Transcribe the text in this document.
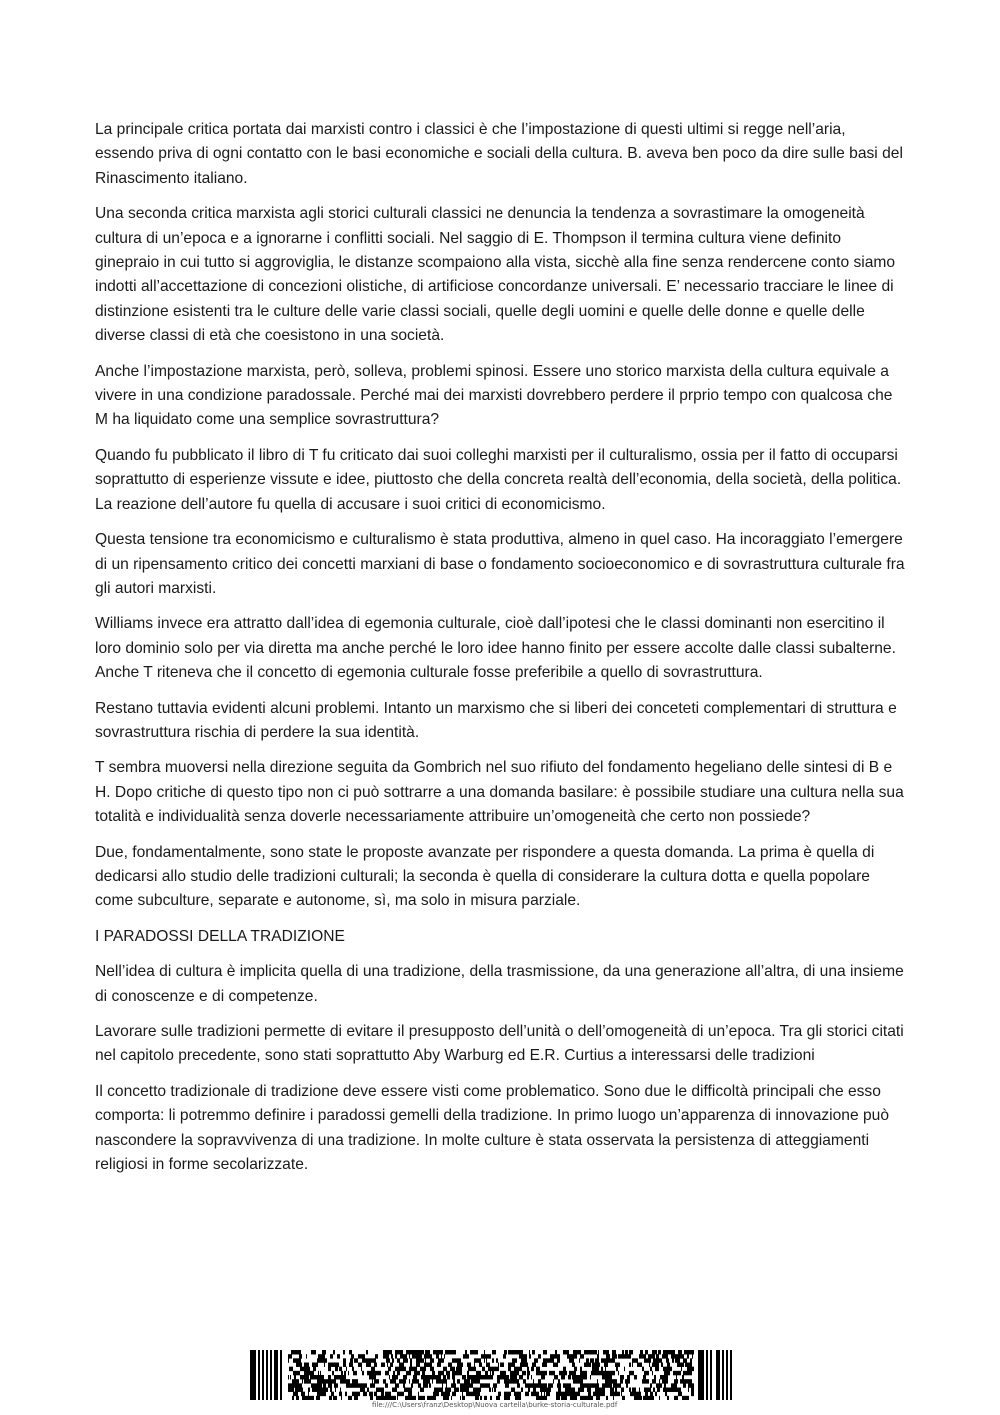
La principale critica portata dai marxisti contro i classici è che l’impostazione di questi ultimi si regge nell’aria, essendo priva di ogni contatto con le basi economiche e sociali della cultura. B. aveva ben poco da dire sulle basi del Rinascimento italiano.

Una seconda critica marxista agli storici culturali classici ne denuncia la tendenza a sovrastimare la omogeneità cultura di un’epoca e a ignorarne i conflitti sociali. Nel saggio di E. Thompson il termina cultura viene definito ginepraio in cui tutto si aggroviglia, le distanze scompaiono alla vista, sicchè alla fine senza rendercene conto siamo indotti all’accettazione di concezioni olistiche, di artificiose concordanze universali. E’ necessario tracciare le linee di distinzione esistenti tra le culture delle varie classi sociali, quelle degli uomini e quelle delle donne e quelle delle diverse classi di età che coesistono in una società.

Anche l’impostazione marxista, però, solleva, problemi spinosi. Essere uno storico marxista della cultura equivale a vivere in una condizione paradossale. Perché mai dei marxisti dovrebbero perdere il prprio tempo con qualcosa che M ha liquidato come una semplice sovrastruttura?

Quando fu pubblicato il libro di T fu criticato dai suoi colleghi marxisti per il culturalismo, ossia per il fatto di occuparsi soprattutto di esperienze vissute e idee, piuttosto che della concreta realtà dell’economia, della società, della politica. La reazione dell’autore fu quella di accusare i suoi critici di economicismo.

Questa tensione tra economicismo e culturalismo è stata produttiva, almeno in quel caso. Ha incoraggiato l’emergere di un ripensamento critico dei concetti marxiani di base o fondamento socioeconomico e di sovrastruttura culturale fra gli autori marxisti.

Williams invece era attratto dall’idea di egemonia culturale, cioè dall’ipotesi che le classi dominanti non esercitino il loro dominio solo per via diretta ma anche perché le loro idee hanno finito per essere accolte dalle classi subalterne. Anche T riteneva che il concetto di egemonia culturale fosse preferibile a quello di sovrastruttura.

Restano tuttavia evidenti alcuni problemi. Intanto un marxismo che si liberi dei conceteti complementari di struttura e sovrastruttura rischia di perdere la sua identità.

T sembra muoversi nella direzione seguita da Gombrich nel suo rifiuto del fondamento hegeliano delle sintesi di B e H. Dopo critiche di questo tipo non ci può sottrarre a una domanda basilare: è possibile studiare una cultura nella sua totalità e individualità senza doverle necessariamente attribuire un’omogeneità che certo non possiede?

Due, fondamentalmente, sono state le proposte avanzate per rispondere a questa domanda. La prima è quella di dedicarsi allo studio delle tradizioni culturali; la seconda è quella di considerare la cultura dotta e quella popolare come subculture, separate e autonome, sì, ma solo in misura parziale.

I PARADOSSI DELLA TRADIZIONE

Nell’idea di cultura è implicita quella di una tradizione, della trasmissione, da una generazione all’altra, di una insieme di conoscenze e di competenze.

Lavorare sulle tradizioni permette di evitare il presupposto dell’unità o dell’omogeneità di un’epoca. Tra gli storici citati nel capitolo precedente, sono stati soprattutto Aby Warburg ed E.R. Curtius a interessarsi delle tradizioni

Il concetto tradizionale di tradizione deve essere visti come problematico. Sono due le difficoltà principali che esso comporta: li potremmo definire i paradossi gemelli della tradizione. In primo luogo un’apparenza di innovazione può nascondere la sopravvivenza di una tradizione. In molte culture è stata osservata la persistenza di atteggiamenti religiosi in forme secolarizzate.

file:///C:\Users\franz\Desktop\Nuova cartella\burke-storia-culturale.pdf
